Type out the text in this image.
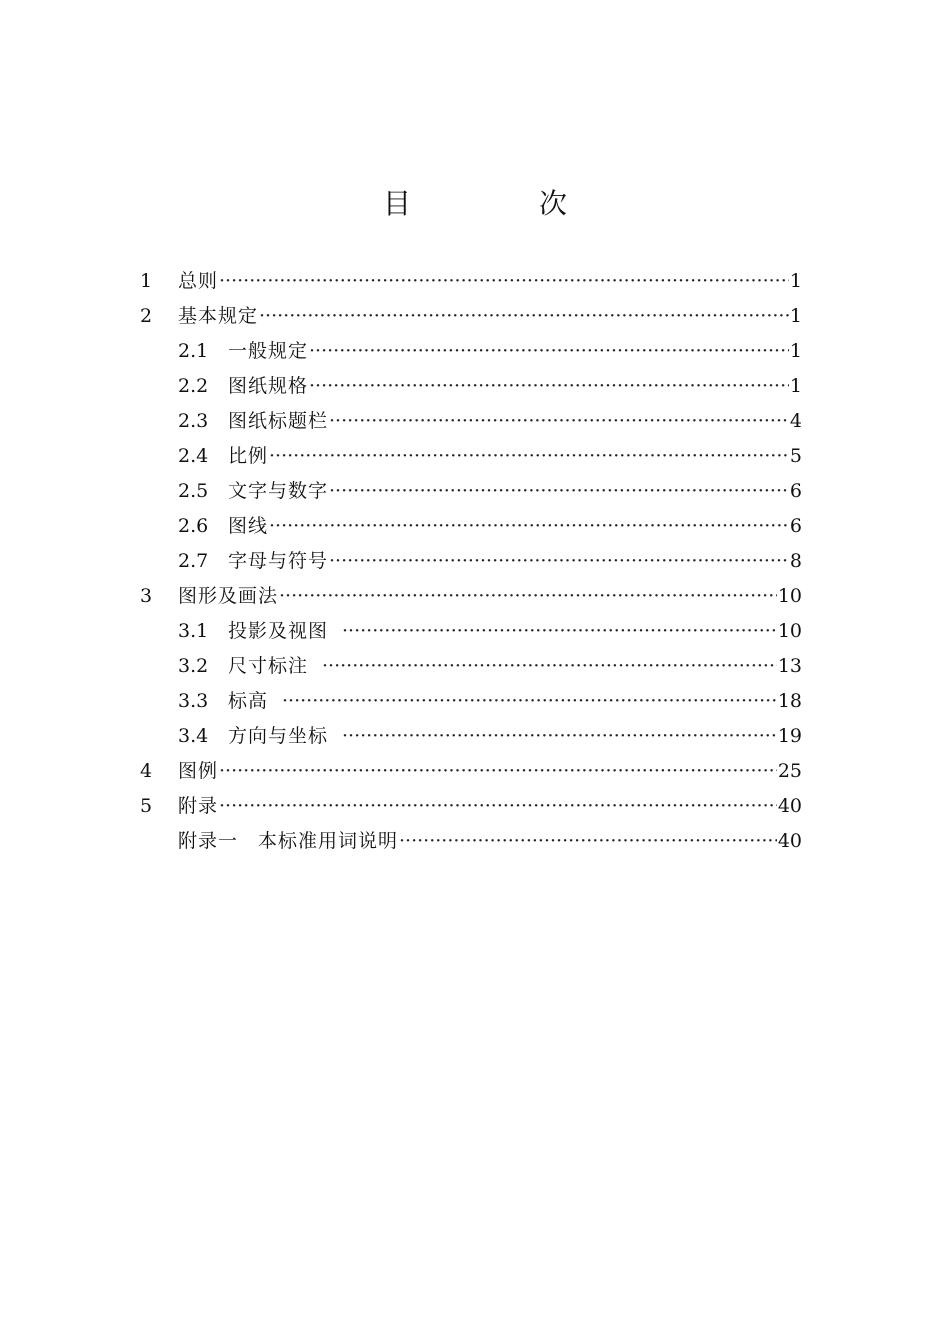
目　次
1	总则 ·····	1
2	基本规定 ·····	1
2.1	一般规定 ·····	1
2.2	图纸规格 ·····	1
2.3	图纸标题栏 ·····	4
2.4	比例 ·····	5
2.5	文字与数字 ·····	6
2.6	图线 ·····	6
2.7	字母与符号 ·····	8
3	图形及画法 ·····	10
3.1	投影及视图 ·····	10
3.2	尺寸标注 ·····	13
3.3	标高 ·····	18
3.4	方向与坐标 ·····	19
4	图例 ·····	25
5	附录 ·····	40
附录一　本标准用词说明 ·····	40
